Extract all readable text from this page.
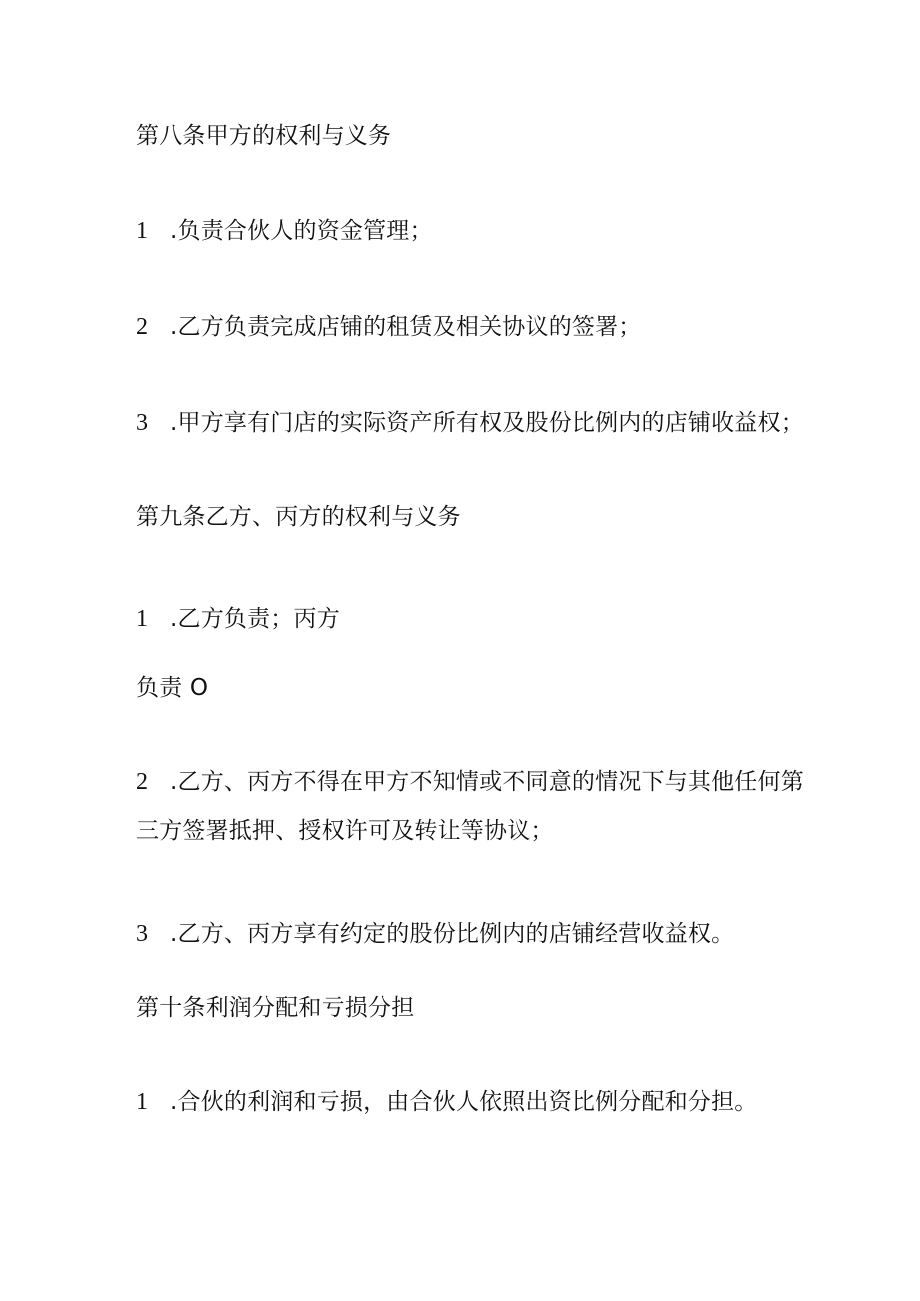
第八条甲方的权利与义务
1 .负责合伙人的资金管理；
2 .乙方负责完成店铺的租赁及相关协议的签署；
3 .甲方享有门店的实际资产所有权及股份比例内的店铺收益权；
第九条乙方、丙方的权利与义务
1 .乙方负责；丙方
负责 O
2 .乙方、丙方不得在甲方不知情或不同意的情况下与其他任何第
三方签署抵押、授权许可及转让等协议；
3 .乙方、丙方享有约定的股份比例内的店铺经营收益权。
第十条利润分配和亏损分担
1 .合伙的利润和亏损，由合伙人依照出资比例分配和分担。
